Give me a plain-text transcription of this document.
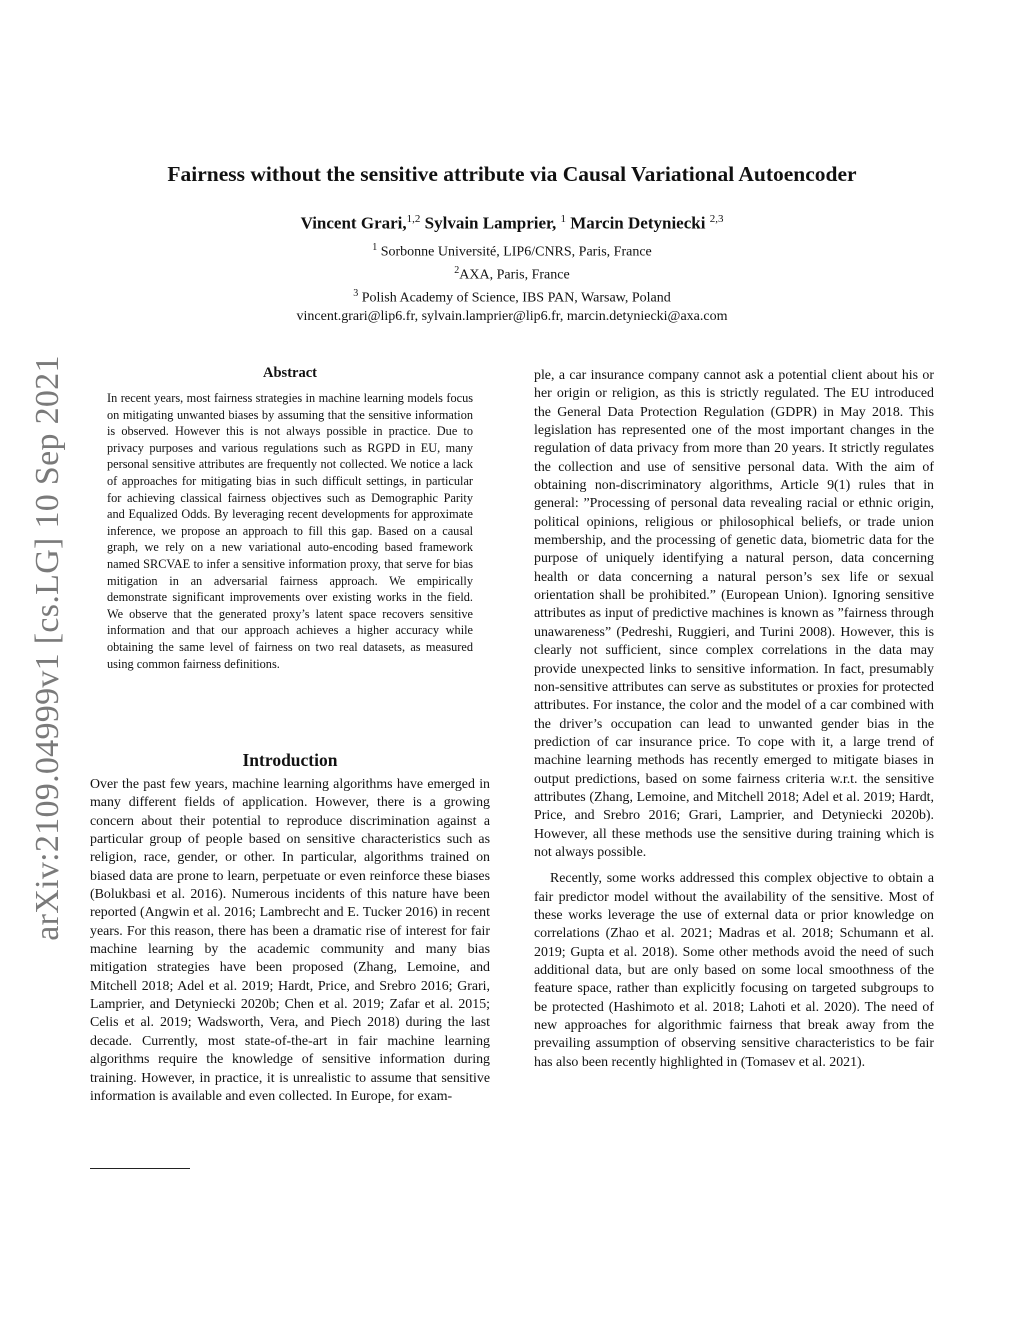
arXiv:2109.04999v1 [cs.LG] 10 Sep 2021
Fairness without the sensitive attribute via Causal Variational Autoencoder
Vincent Grari,$^{1,2}$ Sylvain Lamprier, $^1$ Marcin Detyniecki $^{2,3}$
$^1$ Sorbonne Université, LIP6/CNRS, Paris, France
$^2$AXA, Paris, France
$^3$ Polish Academy of Science, IBS PAN, Warsaw, Poland
vincent.grari@lip6.fr, sylvain.lamprier@lip6.fr, marcin.detyniecki@axa.com
Abstract

In recent years, most fairness strategies in machine learning models focus on mitigating unwanted biases by assuming that the sensitive information is observed. However this is not always possible in practice. Due to privacy purposes and various regulations such as RGPD in EU, many personal sensitive attributes are frequently not collected. We notice a lack of approaches for mitigating bias in such difficult settings, in particular for achieving classical fairness objectives such as Demographic Parity and Equalized Odds. By leveraging recent developments for approximate inference, we propose an approach to fill this gap. Based on a causal graph, we rely on a new variational auto-encoding based framework named SRCVAE to infer a sensitive information proxy, that serve for bias mitigation in an adversarial fairness approach. We empirically demonstrate significant improvements over existing works in the field. We observe that the generated proxy’s latent space recovers sensitive information and that our approach achieves a higher accuracy while obtaining the same level of fairness on two real datasets, as measured using common fairness definitions.

Introduction

Over the past few years, machine learning algorithms have emerged in many different fields of application. However, there is a growing concern about their potential to reproduce discrimination against a particular group of people based on sensitive characteristics such as religion, race, gender, or other. In particular, algorithms trained on biased data are prone to learn, perpetuate or even reinforce these biases (Bolukbasi et al. 2016). Numerous incidents of this nature have been reported (Angwin et al. 2016; Lambrecht and E. Tucker 2016) in recent years. For this reason, there has been a dramatic rise of interest for fair machine learning by the academic community and many bias mitigation strategies have been proposed (Zhang, Lemoine, and Mitchell 2018; Adel et al. 2019; Hardt, Price, and Srebro 2016; Grari, Lamprier, and Detyniecki 2020b; Chen et al. 2019; Zafar et al. 2015; Celis et al. 2019; Wadsworth, Vera, and Piech 2018) during the last decade. Currently, most state-of-the-art in fair machine learning algorithms require the knowledge of sensitive information during training. However, in practice, it is unrealistic to assume that sensitive information is available and even collected. In Europe, for exam-

ple, a car insurance company cannot ask a potential client about his or her origin or religion, as this is strictly regulated. The EU introduced the General Data Protection Regulation (GDPR) in May 2018. This legislation has represented one of the most important changes in the regulation of data privacy from more than 20 years. It strictly regulates the collection and use of sensitive personal data. With the aim of obtaining non-discriminatory algorithms, Article 9(1) rules that in general: ”Processing of personal data revealing racial or ethnic origin, political opinions, religious or philosophical beliefs, or trade union membership, and the processing of genetic data, biometric data for the purpose of uniquely identifying a natural person, data concerning health or data concerning a natural person’s sex life or sexual orientation shall be prohibited.” (European Union). Ignoring sensitive attributes as input of predictive machines is known as ”fairness through unawareness” (Pedreshi, Ruggieri, and Turini 2008). However, this is clearly not sufficient, since complex correlations in the data may provide unexpected links to sensitive information. In fact, presumably non-sensitive attributes can serve as substitutes or proxies for protected attributes. For instance, the color and the model of a car combined with the driver’s occupation can lead to unwanted gender bias in the prediction of car insurance price. To cope with it, a large trend of machine learning methods has recently emerged to mitigate biases in output predictions, based on some fairness criteria w.r.t. the sensitive attributes (Zhang, Lemoine, and Mitchell 2018; Adel et al. 2019; Hardt, Price, and Srebro 2016; Grari, Lamprier, and Detyniecki 2020b). However, all these methods use the sensitive during training which is not always possible.

Recently, some works addressed this complex objective to obtain a fair predictor model without the availability of the sensitive. Most of these works leverage the use of external data or prior knowledge on correlations (Zhao et al. 2021; Madras et al. 2018; Schumann et al. 2019; Gupta et al. 2018). Some other methods avoid the need of such additional data, but are only based on some local smoothness of the feature space, rather than explicitly focusing on targeted subgroups to be protected (Hashimoto et al. 2018; Lahoti et al. 2020). The need of new approaches for algorithmic fairness that break away from the prevailing assumption of observing sensitive characteristics to be fair has also been recently highlighted in (Tomasev et al. 2021).
